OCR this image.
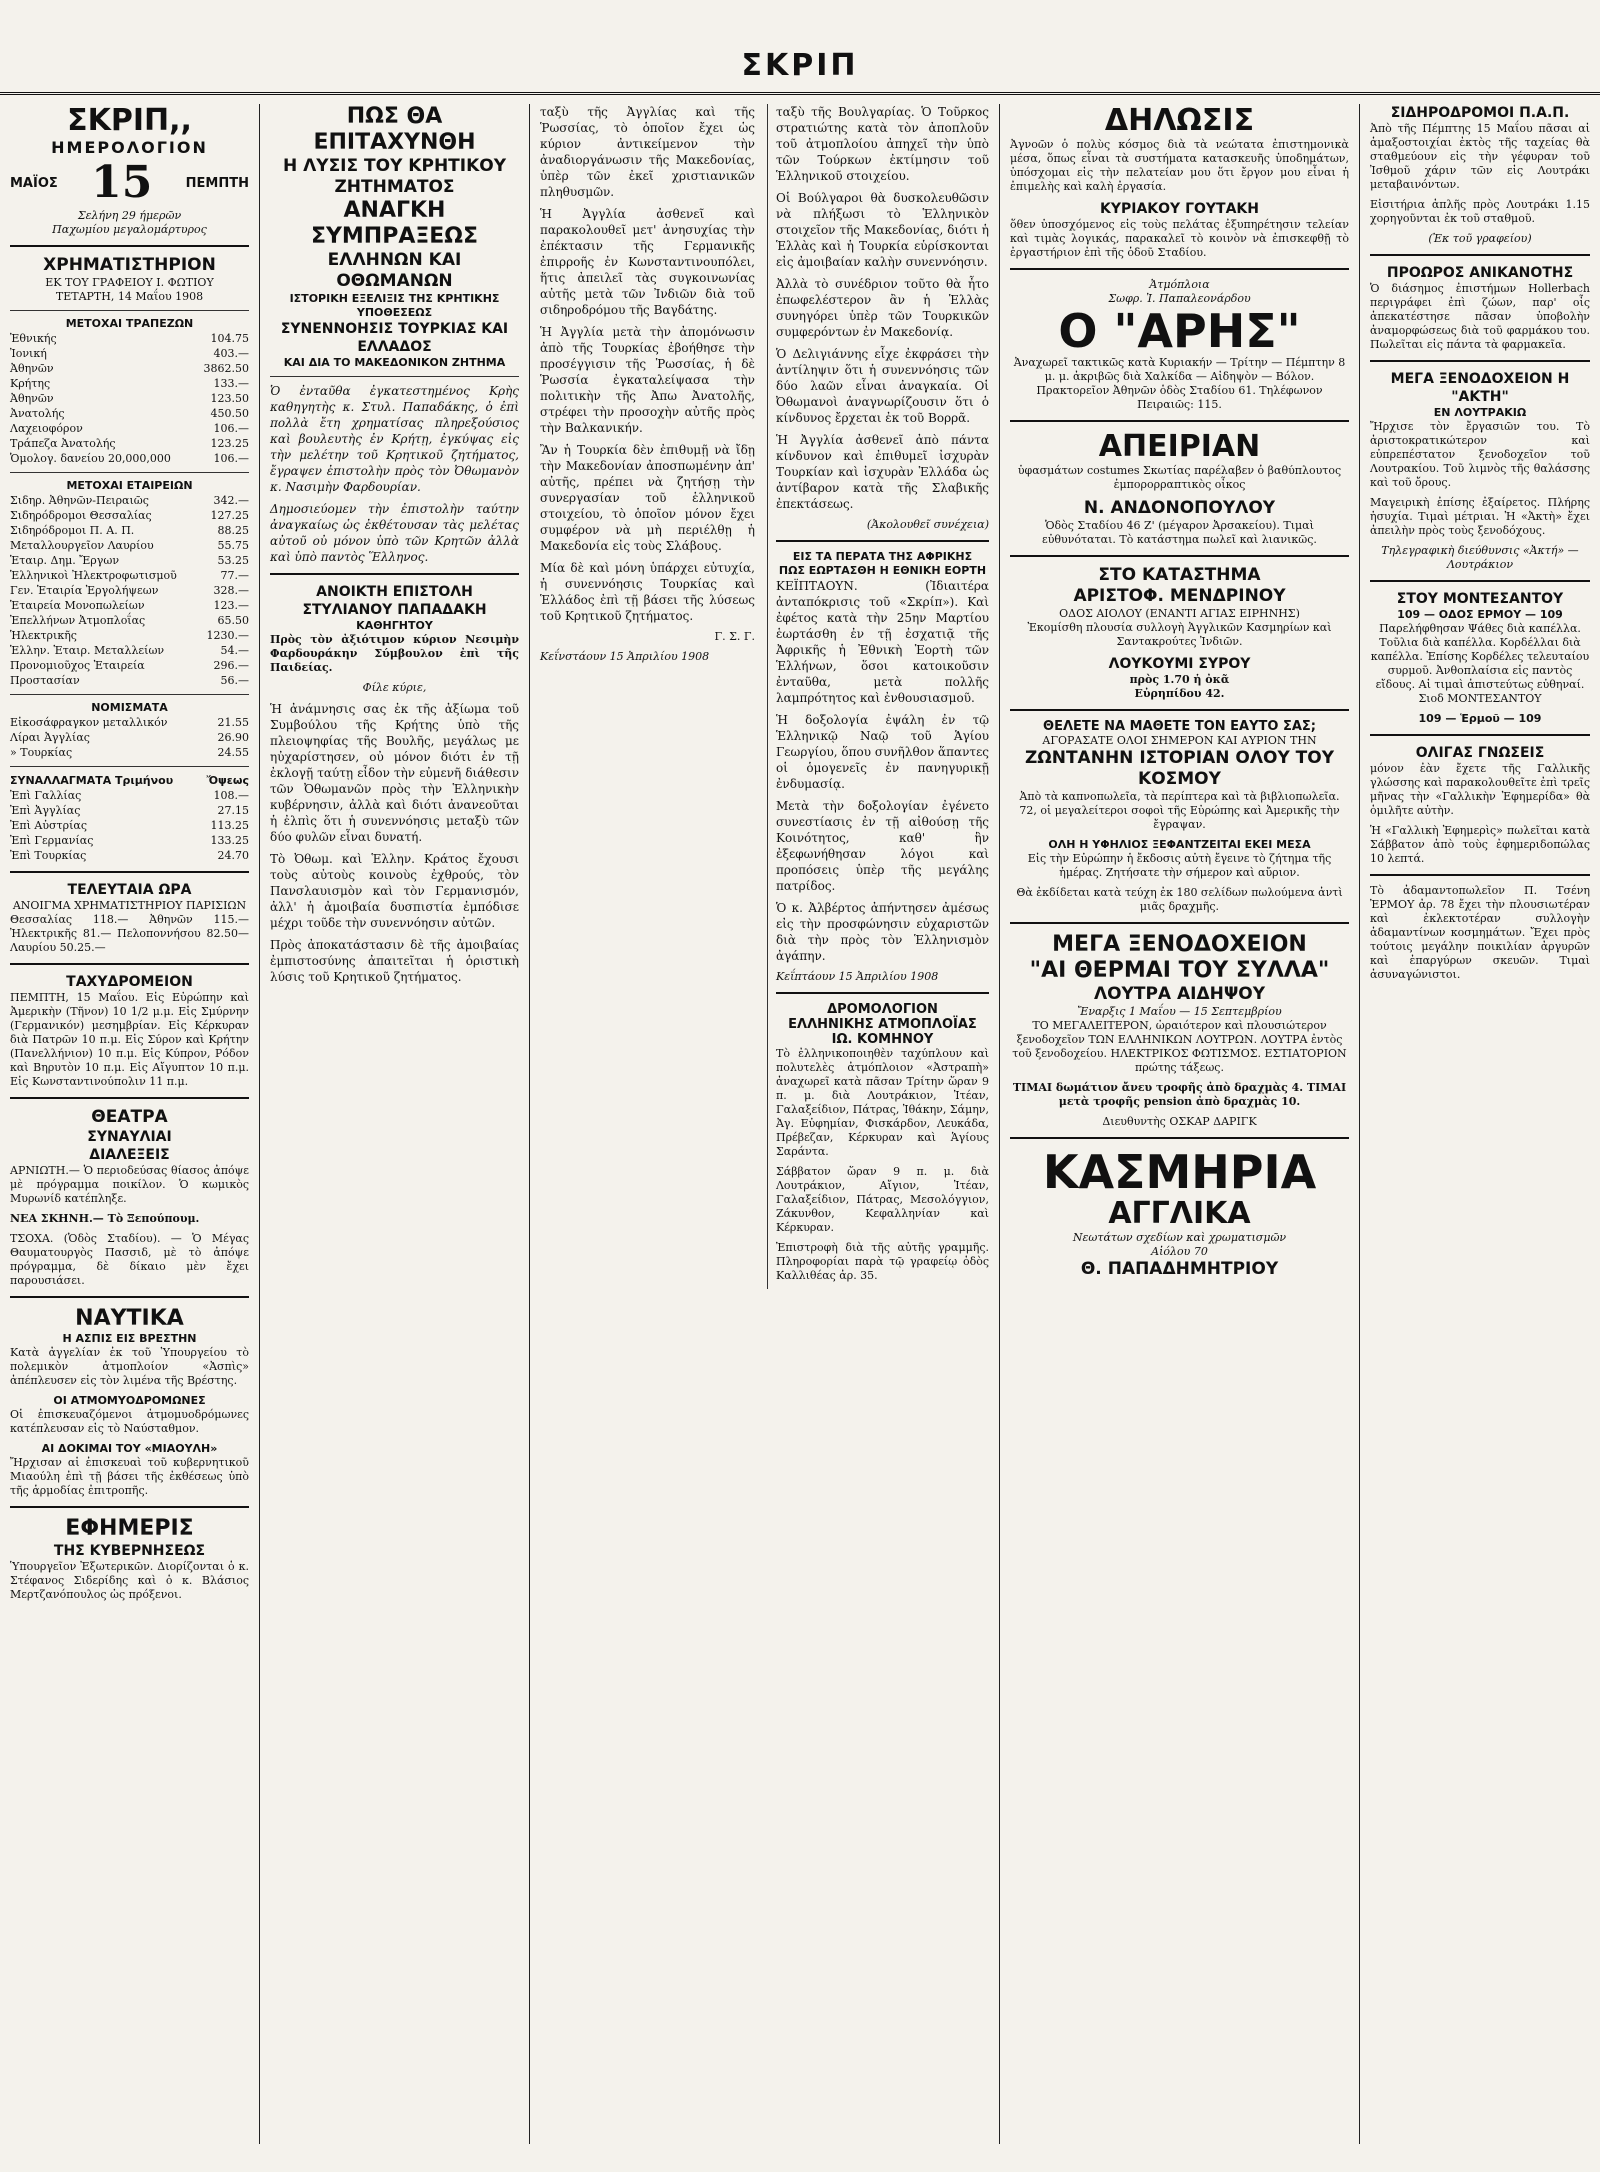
ΣΚΡΙΠ
ΣΚΡΙΠ,,
ΗΜΕΡΟΛΟΓΙΟΝ
ΜΑΪΟΣ 15	ΠΕΜΠΤΗ
Σελήνη 29 ήμερῶν
Παχωμίου μεγαλομάρτυρος
ΧΡΗΜΑΤΙΣΤΗΡΙΟΝ
ΕΚ ΤΟΥ ΓΡΑΦΕΙΟΥ Ι. ΦΩΤΙΟΥ
ΤΕΤΑΡΤΗ, 14 Μαΐου 1908
ΜΕΤΟΧΑΙ ΤΡΑΠΕΖΩΝ
Ἐθνικής	104.75
Ἰονική	403.—
Ἀθηνῶν	3862.50
Κρήτης	133.—
Ἀθηνῶν	123.50
Ἀνατολής	450.50
Λαχειοφόρον	106.—
Τράπεζα Ἀνατολής	123.25
Ὁμολογ. δανείου 20,000,000	106.—
ΜΕΤΟΧΑΙ ΕΤΑΙΡΕΙΩΝ
Σιδηρ. Ἀθηνῶν-Πειραιῶς	342.—
Σιδηρόδρομοι Θεσσαλίας	127.25
Σιδηρόδρομοι Π. Α. Π.	88.25
Μεταλλουργεῖον Λαυρίου	55.75
Ἑταιρ. Δημ. Ἔργων	53.25
Ἑλληνικοὶ Ἠλεκτροφωτισμοῦ	77.—
Γεν. Ἑταιρία Ἐργολήψεων	328.—
Ἑταιρεία Μονοπωλείων	123.—
Ἐπελλήνων Ἀτμοπλοΐας	65.50
Ἡλεκτρικῆς	1230.—
Ἑλλην. Ἑταιρ. Μεταλλείων	54.—
Προνομιοῦχος Ἑταιρεία	296.—
Προστασίαν	56.—
ΝΟΜΙΣΜΑΤΑ
Εἰκοσάφραγκον μεταλλικόν	21.55
Λίραι Ἀγγλίας	26.90
» Τουρκίας	24.55
ΣΥΝΑΛΛΑΓΜΑΤΑ Τριμήνου	Ὄψεως
Ἐπὶ Γαλλίας	108.—
Ἐπὶ Ἀγγλίας	27.15
Ἐπὶ Αὐστρίας	113.25
Ἐπὶ Γερμανίας	133.25
Ἐπὶ Τουρκίας	24.70
ΤΕΛΕΥΤΑΙΑ ΩΡΑ
ΑΝΟΙΓΜΑ ΧΡΗΜΑΤΙΣΤΗΡΙΟΥ ΠΑΡΙΣΙΩΝ

Θεσσαλίας 118.— Ἀθηνῶν 115.— Ἠλεκτρικῆς 81.— Πελοποννήσου 82.50— Λαυρίου 50.25.—

ΤΑΧΥΔΡΟΜΕΙΟΝ

ΠΕΜΠΤΗ, 15 Μαΐου. Εἰς Εὐρώπην καὶ Ἀμερικὴν (Τῆνον) 10 1/2 μ.μ. Εἰς Σμύρνην (Γερμανικόν) μεσημβρίαν. Εἰς Κέρκυραν διὰ Πατρῶν 10 π.μ. Εἰς Σύρον καὶ Κρήτην (Πανελλήνιον) 10 π.μ. Εἰς Κύπρον, Ρόδον καὶ Βηρυτὸν 10 π.μ. Εἰς Αἴγυπτον 10 π.μ. Εἰς Κωνσταντινούπολιν 11 π.μ.

ΘΕΑΤΡΑ
ΣΥΝΑΥΛΙΑΙ
ΔΙΑΛΕΞΕΙΣ

ΑΡΝΙΩΤΗ.— Ὁ περιοδεύσας θίασος ἀπόψε μὲ πρόγραμμα ποικίλον. Ὁ κωμικὸς Μυρωνίδ κατέπληξε.

ΝΕΑ ΣΚΗΝΗ.— Τὸ Ξεπούπουμ.

ΤΣΟΧΑ. (Ὁδὸς Σταδίου). — Ὁ Μέγας Θαυματουργὸς Πασσιδ, μὲ τὸ ἀπόψε πρόγραμμα, δὲ δίκαιο μὲν ἔχει παρουσιάσει.

ΝΑΥΤΙΚΑ
Η ΑΣΠΙΣ ΕΙΣ ΒΡΕΣΤΗΝ

Κατὰ ἀγγελίαν ἐκ τοῦ Ὑπουργείου τὸ πολεμικὸν ἀτμοπλοίον «Ἀσπὶς» ἀπέπλευσεν εἰς τὸν λιμένα τῆς Βρέστης.

ΟΙ ΑΤΜΟΜΥΟΔΡΟΜΩΝΕΣ

Οἱ ἐπισκευαζόμενοι ἀτμομυοδρόμωνες κατέπλευσαν εἰς τὸ Ναύσταθμον.

ΑΙ ΔΟΚΙΜΑΙ ΤΟΥ «ΜΙΑΟΥΛΗ»

Ἤρχισαν αἱ ἐπισκευαὶ τοῦ κυβερνητικοῦ Μιαούλη ἐπὶ τῇ βάσει τῆς ἐκθέσεως ὑπὸ τῆς ἁρμοδίας ἐπιτροπῆς.

ΕΦΗΜΕΡΙΣ
ΤΗΣ ΚΥΒΕΡΝΗΣΕΩΣ

Ὑπουργεῖον Ἐξωτερικῶν. Διορίζονται ὁ κ. Στέφανος Σιδερίδης καὶ ὁ κ. Βλάσιος Μερτζανόπουλος ὡς πρόξενοι.

ΠΩΣ ΘΑ ΕΠΙΤΑΧΥΝΘΗ
Η ΛΥΣΙΣ ΤΟΥ ΚΡΗΤΙΚΟΥ ΖΗΤΗΜΑΤΟΣ
ΑΝΑΓΚΗ ΣΥΜΠΡΑΞΕΩΣ
ΕΛΛΗΝΩΝ ΚΑΙ ΟΘΩΜΑΝΩΝ
ΙΣΤΟΡΙΚΗ ΕΞΕΛΙΞΙΣ ΤΗΣ ΚΡΗΤΙΚΗΣ ΥΠΟΘΕΣΕΩΣ
ΣΥΝΕΝΝΟΗΣΙΣ ΤΟΥΡΚΙΑΣ ΚΑΙ ΕΛΛΑΔΟΣ
ΚΑΙ ΔΙΑ ΤΟ ΜΑΚΕΔΟΝΙΚΟΝ ΖΗΤΗΜΑ

Ὁ ἐνταῦθα ἐγκατεστημένος Κρὴς καθηγητὴς κ. Στυλ. Παπαδάκης, ὁ ἐπὶ πολλὰ ἔτη χρηματίσας πληρεξούσιος καὶ βουλευτὴς ἐν Κρήτῃ, ἐγκύψας εἰς τὴν μελέτην τοῦ Κρητικοῦ ζητήματος, ἔγραψεν ἐπιστολὴν πρὸς τὸν Ὀθωμανὸν κ. Νασιμὴν Φαρδουρίαν.

Δημοσιεύομεν τὴν ἐπιστολὴν ταύτην ἀναγκαίως ὡς ἐκθέτουσαν τὰς μελέτας αὐτοῦ οὐ μόνον ὑπὸ τῶν Κρητῶν ἀλλὰ καὶ ὑπὸ παντὸς Ἕλληνος.

ΑΝΟΙΚΤΗ ΕΠΙΣΤΟΛΗ
ΣΤΥΛΙΑΝΟΥ ΠΑΠΑΔΑΚΗ
ΚΑΘΗΓΗΤΟΥ

Πρὸς τὸν ἀξιότιμον κύριον Νεσιμὴν Φαρδουράκην Σύμβουλον ἐπὶ τῆς Παιδείας.

Φίλε κύριε,

Ἡ ἀνάμνησις σας ἐκ τῆς ἀξίωμα τοῦ Συμβούλου τῆς Κρήτης ὑπὸ τῆς πλειοψηφίας τῆς Βουλῆς, μεγάλως με ηὐχαρίστησεν, οὐ μόνον διότι ἐν τῇ ἐκλογῇ ταύτῃ εἶδον τὴν εὐμενῆ διάθεσιν τῶν Ὀθωμανῶν πρὸς τὴν Ἑλληνικὴν κυβέρνησιν, ἀλλὰ καὶ διότι ἀνανεοῦται ἡ ἐλπὶς ὅτι ἡ συνεννόησις μεταξὺ τῶν δύο φυλῶν εἶναι δυνατή.

Τὸ Ὀθωμ. καὶ Ἑλλην. Κράτος ἔχουσι τοὺς αὐτοὺς κοινοὺς ἐχθρούς, τὸν Πανσλαυισμὸν καὶ τὸν Γερμανισμόν, ἀλλ' ἡ ἀμοιβαία δυσπιστία ἐμπόδισε μέχρι τοῦδε τὴν συνεννόησιν αὐτῶν.

Πρὸς ἀποκατάστασιν δὲ τῆς ἀμοιβαίας ἐμπιστοσύνης ἀπαιτεῖται ἡ ὁριστικὴ λύσις τοῦ Κρητικοῦ ζητήματος.

ταξὺ τῆς Ἀγγλίας καὶ τῆς Ῥωσσίας, τὸ ὁποῖον ἔχει ὡς κύριον ἀντικείμενον τὴν ἀναδιοργάνωσιν τῆς Μακεδονίας, ὑπὲρ τῶν ἐκεῖ χριστιανικῶν πληθυσμῶν.

Ἡ Ἀγγλία ἀσθενεῖ καὶ παρακολουθεῖ μετ' ἀνησυχίας τὴν ἐπέκτασιν τῆς Γερμανικῆς ἐπιρροῆς ἐν Κωνσταντινουπόλει, ἥτις ἀπειλεῖ τὰς συγκοινωνίας αὐτῆς μετὰ τῶν Ἰνδιῶν διὰ τοῦ σιδηροδρόμου τῆς Βαγδάτης.

Ἡ Ἀγγλία μετὰ τὴν ἀπομόνωσιν ἀπὸ τῆς Τουρκίας ἐβοήθησε τὴν προσέγγισιν τῆς Ῥωσσίας, ἡ δὲ Ῥωσσία ἐγκαταλείψασα τὴν πολιτικὴν τῆς Ἀπω Ἀνατολῆς, στρέφει τὴν προσοχὴν αὐτῆς πρὸς τὴν Βαλκανικήν.

Ἂν ἡ Τουρκία δὲν ἐπιθυμῇ νὰ ἴδῃ τὴν Μακεδονίαν ἀποσπωμένην ἀπ' αὐτῆς, πρέπει νὰ ζητήσῃ τὴν συνεργασίαν τοῦ ἑλληνικοῦ στοιχείου, τὸ ὁποῖον μόνον ἔχει συμφέρον νὰ μὴ περιέλθῃ ἡ Μακεδονία εἰς τοὺς Σλάβους.

Μία δὲ καὶ μόνη ὑπάρχει εὐτυχία, ἡ συνεννόησις Τουρκίας καὶ Ἑλλάδος ἐπὶ τῇ βάσει τῆς λύσεως τοῦ Κρητικοῦ ζητήματος.

Γ. Σ. Γ.

Κεΐνστάουν 15 Ἀπριλίου 1908

ταξὺ τῆς Βουλγαρίας. Ὁ Τοῦρκος στρατιώτης κατὰ τὸν ἀποπλοῦν τοῦ ἀτμοπλοίου ἀπηχεῖ τὴν ὑπὸ τῶν Τούρκων ἐκτίμησιν τοῦ Ἑλληνικοῦ στοιχείου.

Οἱ Βούλγαροι θὰ δυσκολευθῶσιν νὰ πλήξωσι τὸ Ἑλληνικὸν στοιχεῖον τῆς Μακεδονίας, διότι ἡ Ἑλλὰς καὶ ἡ Τουρκία εὑρίσκονται εἰς ἀμοιβαίαν καλὴν συνεννόησιν.

Ἀλλὰ τὸ συνέδριον τοῦτο θὰ ἦτο ἐπωφελέστερον ἂν ἡ Ἑλλὰς συνηγόρει ὑπὲρ τῶν Τουρκικῶν συμφερόντων ἐν Μακεδονίᾳ.

Ὁ Δελιγιάννης εἶχε ἐκφράσει τὴν ἀντίληψιν ὅτι ἡ συνεννόησις τῶν δύο λαῶν εἶναι ἀναγκαία. Οἱ Ὀθωμανοὶ ἀναγνωρίζουσιν ὅτι ὁ κίνδυνος ἔρχεται ἐκ τοῦ Βορρᾶ.

Ἡ Ἀγγλία ἀσθενεῖ ἀπὸ πάντα κίνδυνον καὶ ἐπιθυμεῖ ἰσχυρὰν Τουρκίαν καὶ ἰσχυρὰν Ἑλλάδα ὡς ἀντίβαρον κατὰ τῆς Σλαβικῆς ἐπεκτάσεως.

(Ἀκολουθεῖ συνέχεια)

ΕΙΣ ΤΑ ΠΕΡΑΤΑ ΤΗΣ ΑΦΡΙΚΗΣ
ΠΩΣ ΕΩΡΤΑΣΘΗ Η ΕΘΝΙΚΗ ΕΟΡΤΗ

ΚΕΪΠΤΑΟΥΝ. (Ἰδιαιτέρα ἀνταπόκρισις τοῦ «Σκρίπ»). Καὶ ἐφέτος κατὰ τὴν 25ην Μαρτίου ἑωρτάσθη ἐν τῇ ἐσχατιᾷ τῆς Ἀφρικῆς ἡ Ἐθνικὴ Ἑορτὴ τῶν Ἑλλήνων, ὅσοι κατοικοῦσιν ἐνταῦθα, μετὰ πολλῆς λαμπρότητος καὶ ἐνθουσιασμοῦ.

Ἡ δοξολογία ἐψάλη ἐν τῷ Ἑλληνικῷ Ναῷ τοῦ Ἁγίου Γεωργίου, ὅπου συνῆλθον ἅπαντες οἱ ὁμογενεῖς ἐν πανηγυρικῇ ἐνδυμασίᾳ.

Μετὰ τὴν δοξολογίαν ἐγένετο συνεστίασις ἐν τῇ αἰθούσῃ τῆς Κοινότητος, καθ' ἣν ἐξεφωνήθησαν λόγοι καὶ προπόσεις ὑπὲρ τῆς μεγάλης πατρίδος.

Ὁ κ. Ἀλβέρτος ἀπήντησεν ἀμέσως εἰς τὴν προσφώνησιν εὐχαριστῶν διὰ τὴν πρὸς τὸν Ἑλληνισμὸν ἀγάπην.

Κεΐπτάουν 15 Ἀπριλίου 1908

ΔΡΟΜΟΛΟΓΙΟΝ
ΕΛΛΗΝΙΚΗΣ ΑΤΜΟΠΛΟΪΑΣ
ΙΩ. ΚΟΜΗΝΟΥ

Τὸ ἐλληνικοποιηθὲν ταχύπλουν καὶ πολυτελὲς ἀτμόπλοιον «Ἀστραπὴ» ἀναχωρεῖ κατὰ πᾶσαν Τρίτην ὥραν 9 π. μ. διὰ Λουτράκιον, Ἰτέαν, Γαλαξείδιον, Πάτρας, Ἰθάκην, Σάμην, Ἀγ. Εὐφημίαν, Φισκάρδον, Λευκάδα, Πρέβεζαν, Κέρκυραν καὶ Ἁγίους Σαράντα.

Σάββατον ὥραν 9 π. μ. διὰ Λουτράκιον, Αἴγιον, Ἰτέαν, Γαλαξείδιον, Πάτρας, Μεσολόγγιον, Ζάκυνθον, Κεφαλληνίαν καὶ Κέρκυραν.

Ἐπιστροφὴ διὰ τῆς αὐτῆς γραμμῆς. Πληροφορίαι παρὰ τῷ γραφείῳ ὁδὸς Καλλιθέας ἀρ. 35.

ΔΗΛΩΣΙΣ

Ἀγνοῶν ὁ πολὺς κόσμος διὰ τὰ νεώτατα ἐπιστημονικὰ μέσα, ὅπως εἶναι τὰ συστήματα κατασκευῆς ὑποδημάτων, ὑπόσχομαι εἰς τὴν πελατείαν μου ὅτι ἔργον μου εἶναι ἡ ἐπιμελὴς καὶ καλὴ ἐργασία.

ΚΥΡΙΑΚΟΥ ΓΟΥΤΑΚΗ

ὅθεν ὑποσχόμενος εἰς τοὺς πελάτας ἐξυπηρέτησιν τελείαν καὶ τιμὰς λογικάς, παρακαλεῖ τὸ κοινὸν νὰ ἐπισκεφθῇ τὸ ἐργαστήριον ἐπὶ τῆς ὁδοῦ Σταδίου.

Ἀτμόπλοια
Σωφρ. Ἰ. Παπαλεονάρδου
Ο "ΑΡΗΣ"

Ἀναχωρεῖ τακτικῶς κατὰ Κυριακήν — Τρίτην — Πέμπτην 8 μ. μ. ἀκριβῶς διὰ Χαλκίδα — Αἰδηψὸν — Βόλον. Πρακτορεῖον Ἀθηνῶν ὁδὸς Σταδίου 61. Τηλέφωνον Πειραιῶς: 115.

ΑΠΕΙΡΙΑΝ

ὑφασμάτων costumes Σκωτίας παρέλαβεν ὁ βαθύπλουτος ἐμπορορραπτικὸς οἶκος

Ν. ΑΝΔΟΝΟΠΟΥΛΟΥ

Ὁδὸς Σταδίου 46 Ζ' (μέγαρον Ἀρσακείου). Τιμαὶ εὐθυνόταται. Τὸ κατάστημα πωλεῖ καὶ λιανικῶς.

ΣΤΟ ΚΑΤΑΣΤΗΜΑ
ΑΡΙΣΤΟΦ. ΜΕΝΔΡΙΝΟΥ
ΟΔΟΣ ΑΙΟΛΟΥ (ΕΝΑΝΤΙ ΑΓΙΑΣ ΕΙΡΗΝΗΣ)

Ἐκομίσθη πλουσία συλλογὴ Ἀγγλικῶν Κασμηρίων καὶ Σαντακρούτες Ἰνδιῶν.

ΛΟΥΚΟΥΜΙ ΣΥΡΟΥ
πρὸς 1.70 ἡ ὀκᾶ
Εὐρηπίδου 42.
ΘΕΛΕΤΕ ΝΑ ΜΑΘΕΤΕ ΤΟΝ ΕΑΥΤΟ ΣΑΣ;
ΑΓΟΡΑΣΑΤΕ ΟΛΟΙ ΣΗΜΕΡΟΝ ΚΑΙ ΑΥΡΙΟΝ ΤΗΝ
ΖΩΝΤΑΝΗΝ ΙΣΤΟΡΙΑΝ ΟΛΟΥ ΤΟΥ ΚΟΣΜΟΥ

Ἀπὸ τὰ καπνοπωλεῖα, τὰ περίπτερα καὶ τὰ βιβλιοπωλεῖα. 72, οἱ μεγαλείτεροι σοφοὶ τῆς Εὐρώπης καὶ Ἀμερικῆς τὴν ἔγραψαν.

ΟΛΗ Η ΥΦΗΛΙΟΣ ΞΕΦΑΝΤΖΕΙΤΑΙ ΕΚΕΙ ΜΕΣΑ

Εἰς τὴν Εὐρώπην ἡ ἔκδοσις αὐτὴ ἔγεινε τὸ ζήτημα τῆς ἡμέρας. Ζητήσατε τὴν σήμερον καὶ αὔριον.

Θὰ ἐκδίδεται κατὰ τεύχη ἐκ 180 σελίδων πωλούμενα ἀντὶ μιᾶς δραχμῆς.

ΜΕΓΑ ΞΕΝΟΔΟΧΕΙΟΝ
"ΑΙ ΘΕΡΜΑΙ ΤΟΥ ΣΥΛΛΑ"
ΛΟΥΤΡΑ ΑΙΔΗΨΟΥ
Ἔναρξις 1 Μαΐου — 15 Σεπτεμβρίου

ΤΟ ΜΕΓΑΛΕΙΤΕΡΟΝ, ὡραιότερον καὶ πλουσιώτερον ξενοδοχεῖον ΤΩΝ ΕΛΛΗΝΙΚΩΝ ΛΟΥΤΡΩΝ. ΛΟΥΤΡΑ ἐντὸς τοῦ ξενοδοχείου. ΗΛΕΚΤΡΙΚΟΣ ΦΩΤΙΣΜΟΣ. ΕΣΤΙΑΤΟΡΙΟΝ πρώτης τάξεως.

ΤΙΜΑΙ δωμάτιον ἄνευ τροφῆς ἀπὸ δραχμὰς 4. ΤΙΜΑΙ μετὰ τροφῆς pension ἀπὸ δραχμὰς 10.

Διευθυντὴς ΟΣΚΑΡ ΔΑΡΙΓΚ
ΚΑΣΜΗΡΙΑ
ΑΓΓΛΙΚΑ
Νεωτάτων σχεδίων καὶ χρωματισμῶν
Αἰόλου 70
Θ. ΠΑΠΑΔΗΜΗΤΡΙΟΥ
ΣΙΔΗΡΟΔΡΟΜΟΙ Π.Α.Π.

Ἀπὸ τῆς Πέμπτης 15 Μαΐου πᾶσαι αἱ ἁμαξοστοιχίαι ἐκτὸς τῆς ταχείας θὰ σταθμεύουν εἰς τὴν γέφυραν τοῦ Ἰσθμοῦ χάριν τῶν εἰς Λουτράκι μεταβαινόντων.

Εἰσιτήρια ἁπλῆς πρὸς Λουτράκι 1.15 χορηγοῦνται ἐκ τοῦ σταθμοῦ.

(Ἐκ τοῦ γραφείου)
ΠΡΟΩΡΟΣ ΑΝΙΚΑΝΟΤΗΣ

Ὁ διάσημος ἐπιστήμων Hollerbach περιγράφει ἐπὶ ζώων, παρ' οἷς ἀπεκατέστησε πᾶσαν ὑποβολὴν ἀναμορφώσεως διὰ τοῦ φαρμάκου του. Πωλεῖται εἰς πάντα τὰ φαρμακεῖα.

ΜΕΓΑ ΞΕΝΟΔΟΧΕΙΟΝ Η "ΑΚΤΗ"
ΕΝ ΛΟΥΤΡΑΚΙΩ

Ἤρχισε τὸν ἔργασιῶν του. Τὸ ἀριστοκρατικώτερον καὶ εὐπρεπέστατον ξενοδοχεῖον τοῦ Λουτρακίου. Τοῦ λιμνὸς τῆς θαλάσσης καὶ τοῦ ὄρους.

Μαγειρικὴ ἐπίσης ἐξαίρετος. Πλήρης ἡσυχία. Τιμαὶ μέτριαι. Ἡ «Ἀκτὴ» ἔχει ἀπειλὴν πρὸς τοὺς ξενοδόχους.

Τηλεγραφικὴ διεύθυνσις «Ἀκτή» — Λουτράκιον
ΣΤΟΥ ΜΟΝΤΕΣΑΝΤΟΥ
109 — ΟΔΟΣ ΕΡΜΟΥ — 109

Παρελήφθησαν Ψάθες διὰ καπέλλα. Τοῦλια διὰ καπέλλα. Κορδέλλαι διὰ καπέλλα. Ἐπίσης Κορδέλες τελευταίου συρμοῦ. Ἀνθοπλαίσια εἰς παντὸς εἴδους. Αἱ τιμαὶ ἀπιστεύτως εὐθηναί. Σιοδ ΜΟΝΤΕΣΑΝΤΟΥ

109 — Ἑρμοῦ — 109
ΟΛΙΓΑΣ ΓΝΩΣΕΙΣ

μόνον ἐὰν ἔχετε τῆς Γαλλικῆς γλώσσης καὶ παρακολουθεῖτε ἐπὶ τρεῖς μῆνας τὴν «Γαλλικὴν Ἐφημερίδα» θὰ ὁμιλῆτε αὐτὴν.

Ἡ «Γαλλικὴ Ἐφημερὶς» πωλεῖται κατὰ Σάββατον ἀπὸ τοὺς ἐφημεριδοπώλας 10 λεπτά.

Τὸ ἀδαμαντοπωλεῖον Π. Τσένη ἘΡΜΟΥ ἀρ. 78 ἔχει τὴν πλουσιωτέραν καὶ ἐκλεκτοτέραν συλλογὴν ἀδαμαντίνων κοσμημάτων. Ἔχει πρὸς τούτοις μεγάλην ποικιλίαν ἀργυρῶν καὶ ἐπαργύρων σκευῶν. Τιμαὶ ἀσυναγώνιστοι.
